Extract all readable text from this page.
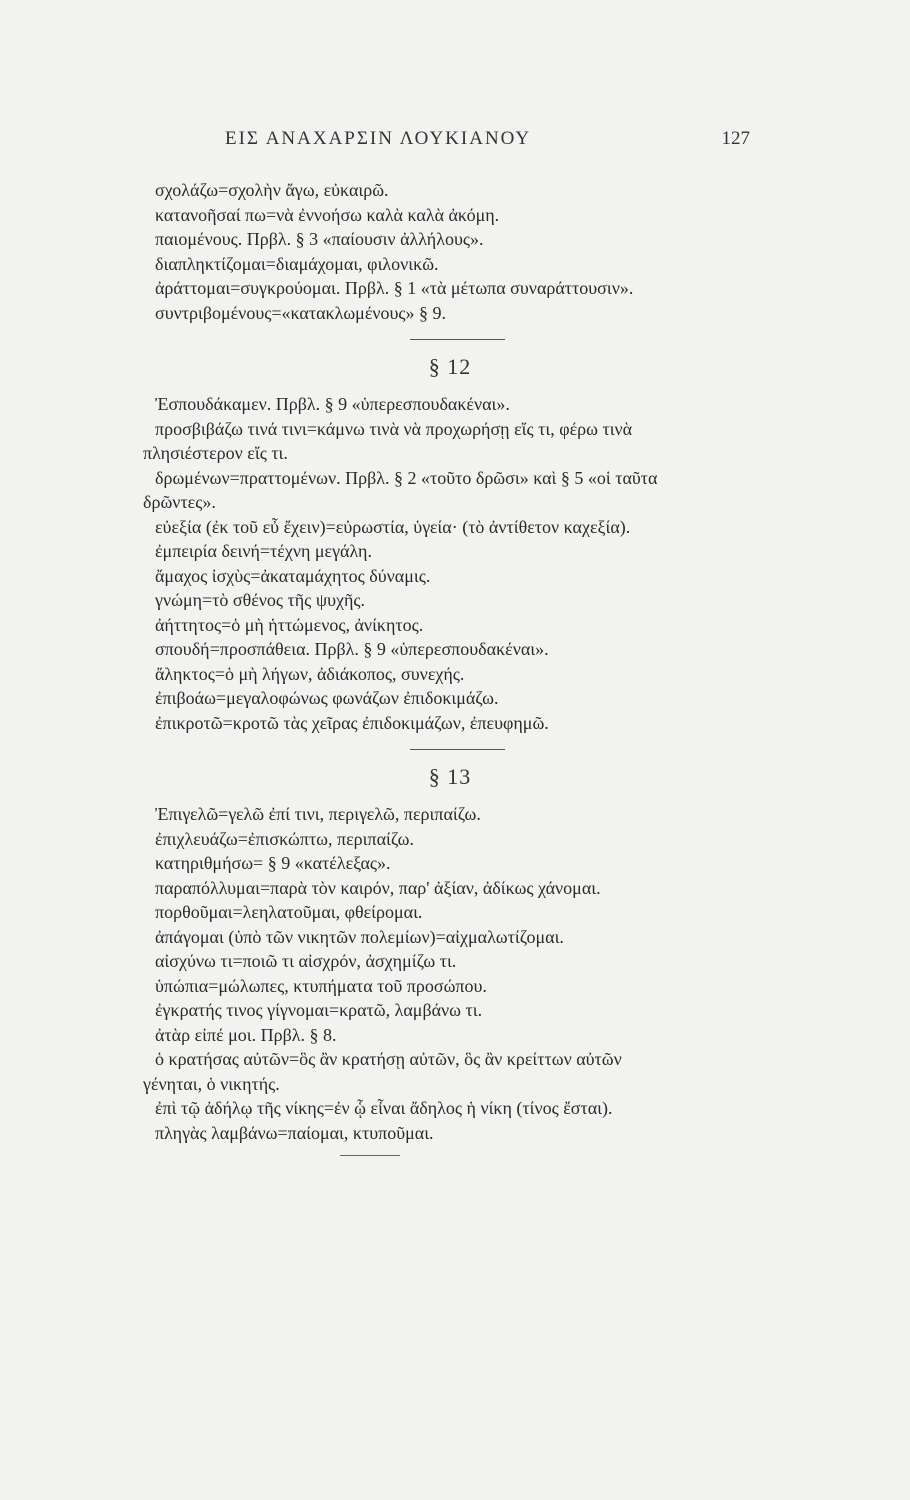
ΕΙΣ ΑΝΑΧΑΡΣΙΝ ΛΟΥΚΙΑΝΟΥ	127

σχολάζω=σχολὴν ἄγω, εὐκαιρῶ.

κατανοῆσαί πω=νὰ ἐννοήσω καλὰ καλὰ ἀκόμη.

παιομένους. Πρβλ. § 3 «παίουσιν ἀλλήλους».

διαπληκτίζομαι=διαμάχομαι, φιλονικῶ.

ἀράττομαι=συγκρούομαι. Πρβλ. § 1 «τὰ μέτωπα συναράττουσιν».

συντριβομένους=«κατακλωμένους» § 9.

§ 12

Ἐσπουδάκαμεν. Πρβλ. § 9 «ὑπερεσπουδακέναι».

προσβιβάζω τινά τινι=κάμνω τινὰ νὰ προχωρήσῃ εἴς τι, φέρω τινὰ
πλησιέστερον εἴς τι.

δρωμένων=πραττομένων. Πρβλ. § 2 «τοῦτο δρῶσι» καὶ § 5 «οἱ ταῦτα
δρῶντες».

εὐεξία (ἐκ τοῦ εὖ ἔχειν)=εὐρωστία, ὑγεία· (τὸ ἀντίθετον καχεξία).

ἐμπειρία δεινή=τέχνη μεγάλη.

ἄμαχος ἰσχὺς=ἀκαταμάχητος δύναμις.

γνώμη=τὸ σθένος τῆς ψυχῆς.

ἀήττητος=ὁ μὴ ἡττώμενος, ἀνίκητος.

σπουδή=προσπάθεια. Πρβλ. § 9 «ὑπερεσπουδακέναι».

ἄληκτος=ὁ μὴ λήγων, ἀδιάκοπος, συνεχής.

ἐπιβοάω=μεγαλοφώνως φωνάζων ἐπιδοκιμάζω.

ἐπικροτῶ=κροτῶ τὰς χεῖρας ἐπιδοκιμάζων, ἐπευφημῶ.

§ 13

Ἐπιγελῶ=γελῶ ἐπί τινι, περιγελῶ, περιπαίζω.

ἐπιχλευάζω=ἐπισκώπτω, περιπαίζω.

κατηριθμήσω= § 9 «κατέλεξας».

παραπόλλυμαι=παρὰ τὸν καιρόν, παρ' ἀξίαν, ἀδίκως χάνομαι.

πορθοῦμαι=λεηλατοῦμαι, φθείρομαι.

ἀπάγομαι (ὑπὸ τῶν νικητῶν πολεμίων)=αἰχμαλωτίζομαι.

αἰσχύνω τι=ποιῶ τι αἰσχρόν, ἀσχημίζω τι.

ὑπώπια=μώλωπες, κτυπήματα τοῦ προσώπου.

ἐγκρατής τινος γίγνομαι=κρατῶ, λαμβάνω τι.

ἀτὰρ εἰπέ μοι. Πρβλ. § 8.

ὁ κρατήσας αὐτῶν=ὃς ἂν κρατήσῃ αὐτῶν, ὃς ἂν κρείττων αὐτῶν
γένηται, ὁ νικητής.

ἐπὶ τῷ ἀδήλῳ τῆς νίκης=ἐν ᾧ εἶναι ἄδηλος ἡ νίκη (τίνος ἔσται).

πληγὰς λαμβάνω=παίομαι, κτυποῦμαι.
